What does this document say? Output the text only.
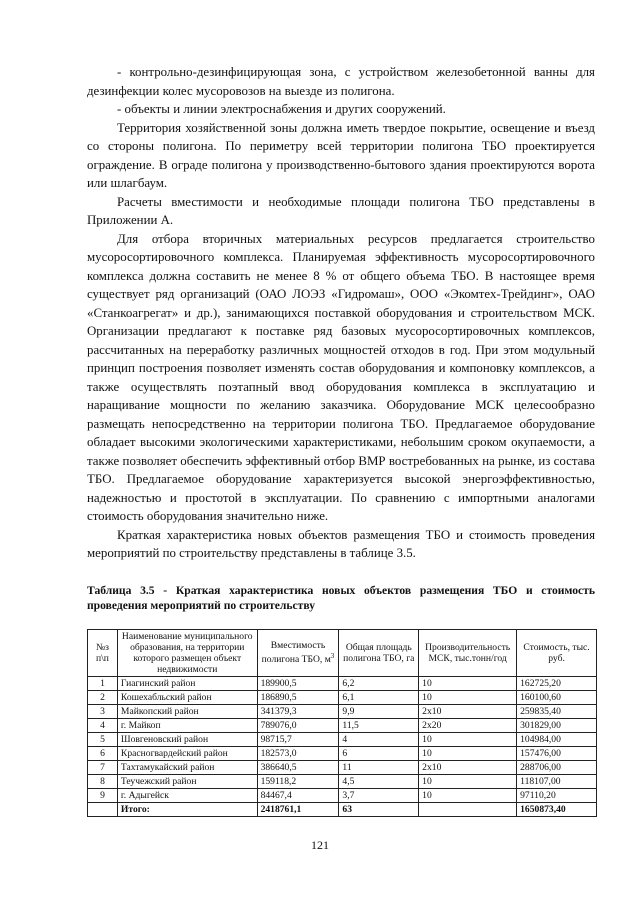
- контрольно-дезинфицирующая зона, с устройством железобетонной ванны для дезинфекции колес мусоровозов на выезде из полигона.

- объекты и линии электроснабжения и других сооружений.

Территория хозяйственной зоны должна иметь твердое покрытие, освещение и въезд со стороны полигона. По периметру всей территории полигона ТБО проектируется ограждение. В ограде полигона у производственно-бытового здания проектируются ворота или шлагбаум.

Расчеты вместимости и необходимые площади полигона ТБО представлены в Приложении А.

Для отбора вторичных материальных ресурсов предлагается строительство мусоросортировочного комплекса. Планируемая эффективность мусоросортировочного комплекса должна составить не менее 8 % от общего объема ТБО. В настоящее время существует ряд организаций (ОАО ЛОЭЗ «Гидромаш», ООО «Экомтех-Трейдинг», ОАО «Станкоагрегат» и др.), занимающихся поставкой оборудования и строительством МСК. Организации предлагают к поставке ряд базовых мусоросортировочных комплексов, рассчитанных на переработку различных мощностей отходов в год. При этом модульный принцип построения позволяет изменять состав оборудования и компоновку комплексов, а также осуществлять поэтапный ввод оборудования комплекса в эксплуатацию и наращивание мощности по желанию заказчика. Оборудование МСК целесообразно размещать непосредственно на территории полигона ТБО. Предлагаемое оборудование обладает высокими экологическими характеристиками, небольшим сроком окупаемости, а также позволяет обеспечить эффективный отбор ВМР востребованных на рынке, из состава ТБО. Предлагаемое оборудование характеризуется высокой энергоэффективностью, надежностью и простотой в эксплуатации. По сравнению с импортными аналогами стоимость оборудования значительно ниже.

Краткая характеристика новых объектов размещения ТБО и стоимость проведения мероприятий по строительству представлены в таблице 3.5.

Таблица 3.5 - Краткая характеристика новых объектов размещения ТБО и стоимость проведения мероприятий по строительству
№з п\п	Наименование муниципального образования, на территории которого размещен объект недвижимости	Вместимость полигона ТБО, $м^3$	Общая площадь полигона ТБО, га	Производительность МСК, тыс.тонн/год	Стоимость, тыс. руб.
1	Гиагинский район	189900,5	6,2	10	162725,20
2	Кошехабльский район	186890,5	6,1	10	160100,60
3	Майкопский район	341379,3	9,9	2х10	259835,40
4	г. Майкоп	789076,0	11,5	2х20	301829,00
5	Шовгеновский район	98715,7	4	10	104984,00
6	Красногвардейский район	182573,0	6	10	157476,00
7	Тахтамукайский район	386640,5	11	2х10	288706,00
8	Теучежский район	159118,2	4,5	10	118107,00
9	г. Адыгейск	84467,4	3,7	10	97110,20
	Итого:	2418761,1	63		1650873,40
121
